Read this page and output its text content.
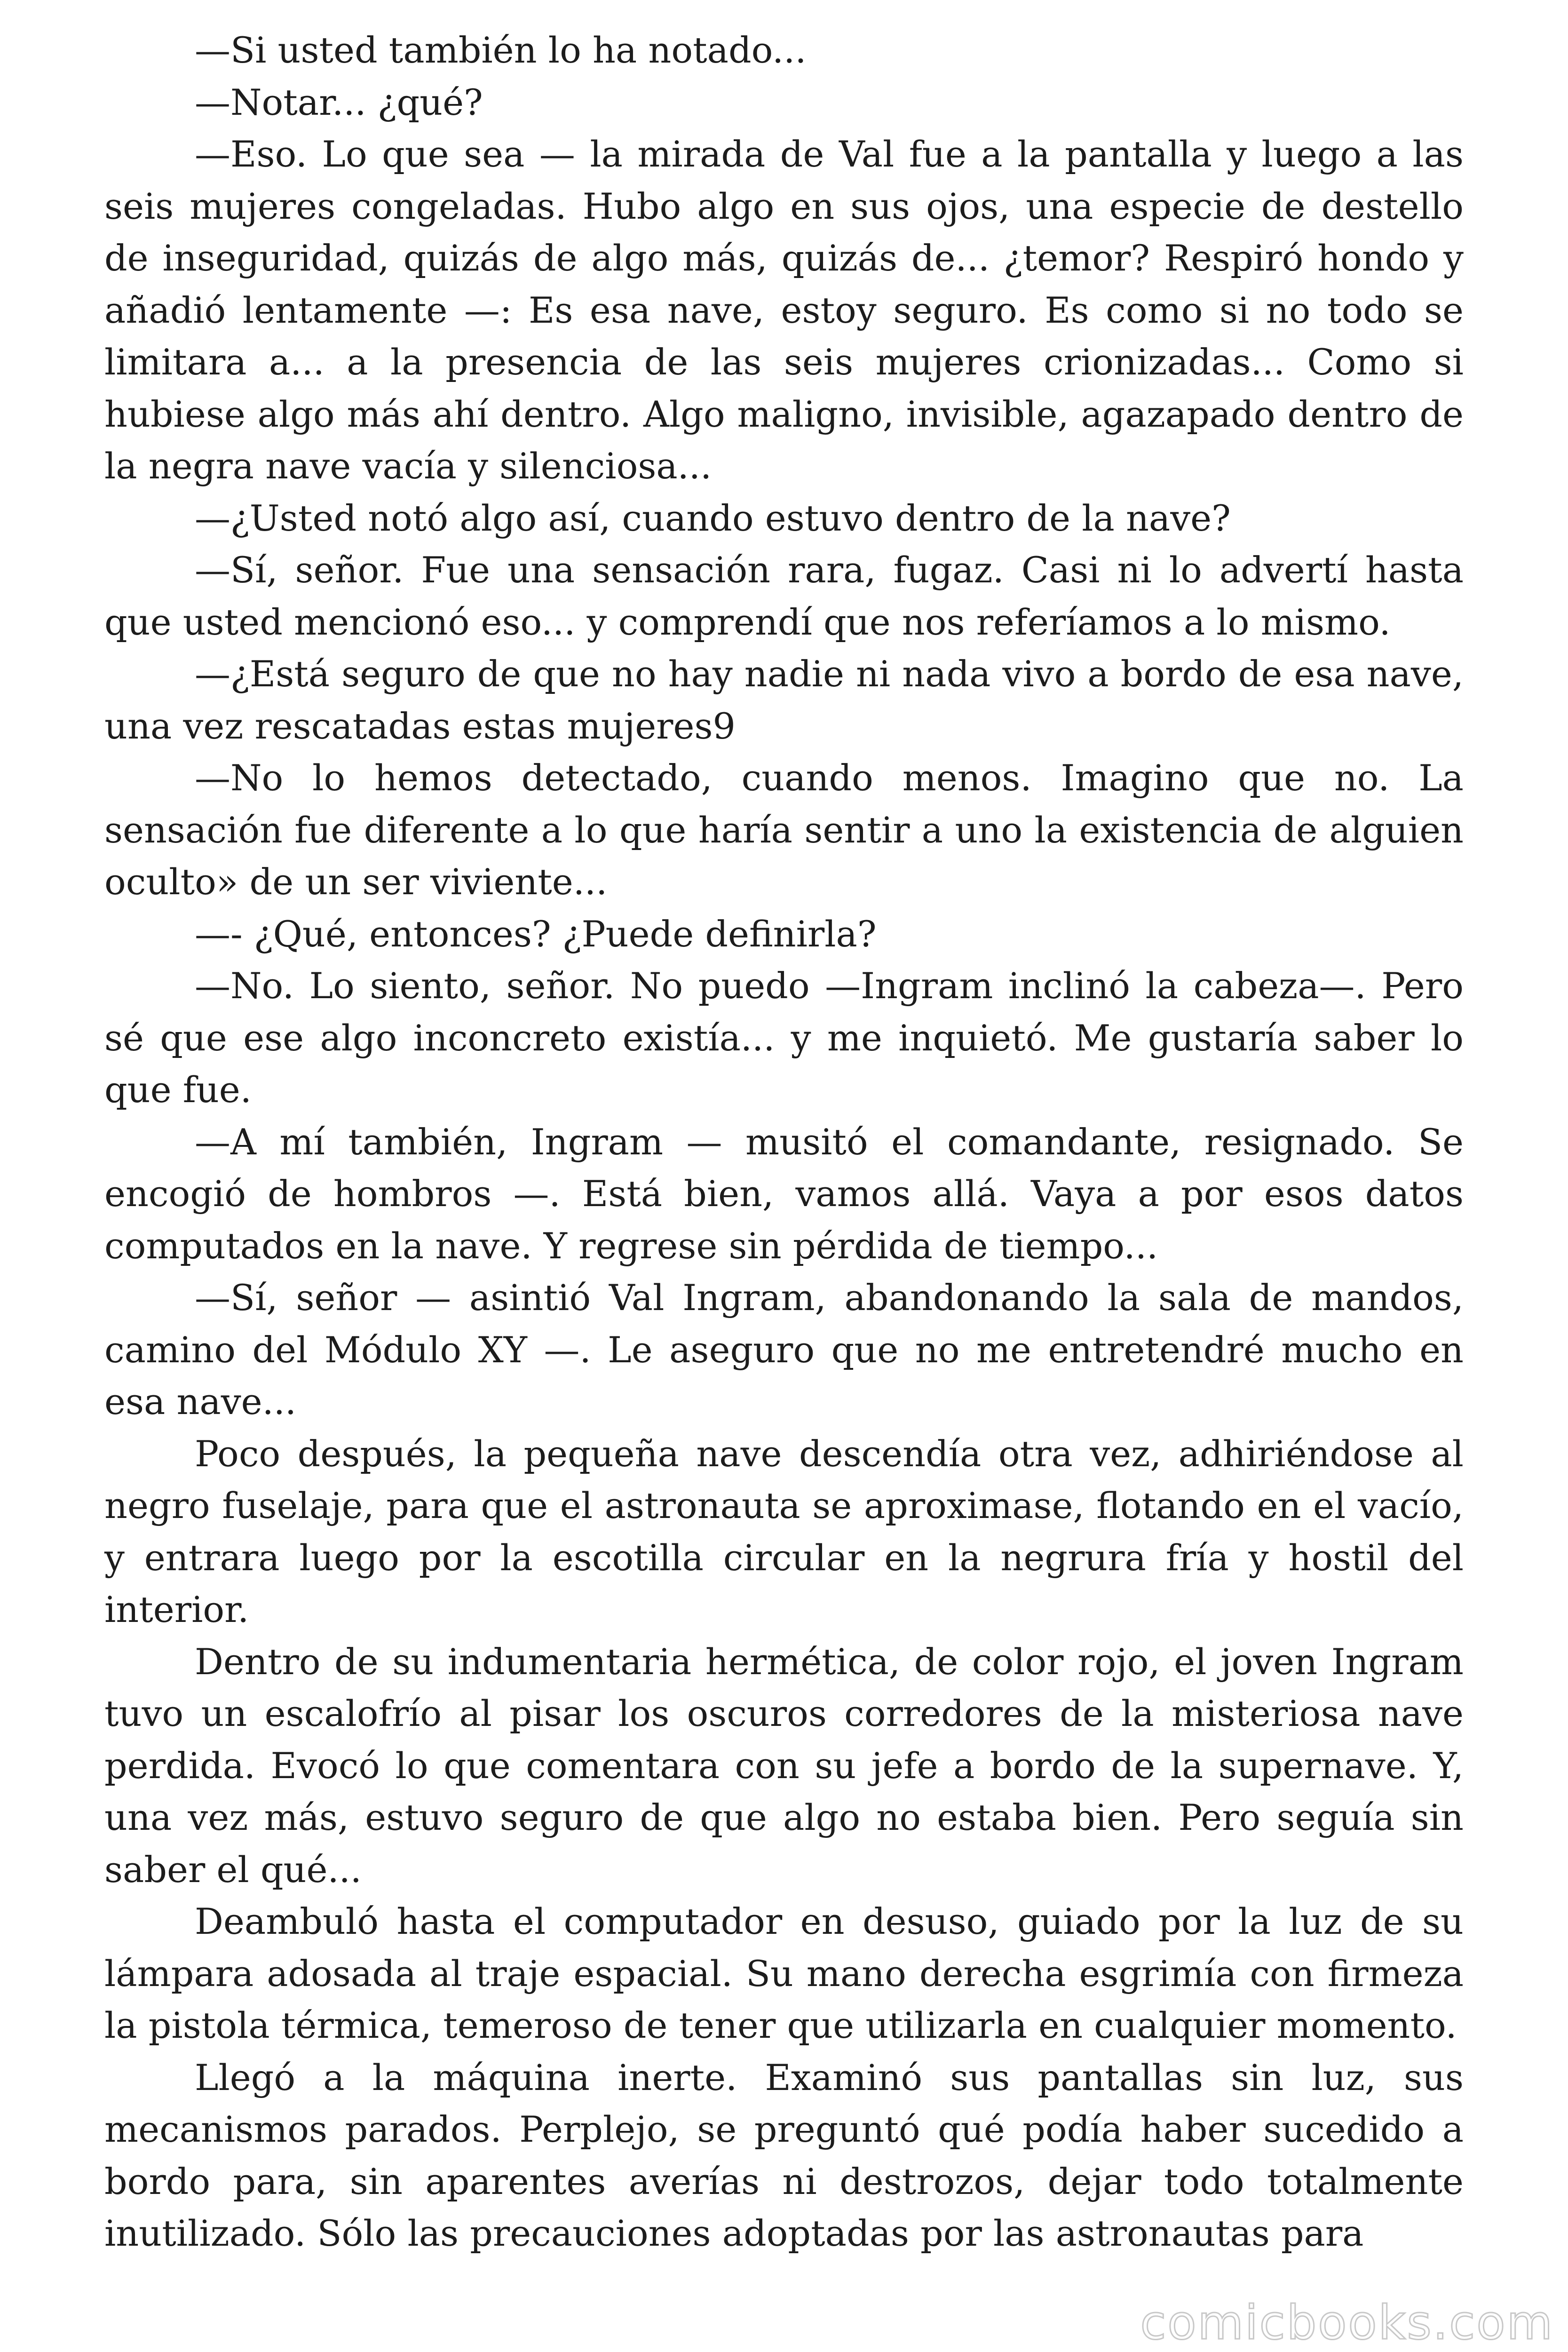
—Si usted también lo ha notado...

—Notar... ¿qué?

—Eso. Lo que sea — la mirada de Val fue a la pantalla y luego a las seis mujeres congeladas. Hubo algo en sus ojos, una especie de destello de inseguridad, quizás de algo más, quizás de... ¿temor? Respiró hondo y añadió lentamente —: Es esa nave, estoy seguro. Es como si no todo se limitara a... a la presencia de las seis mujeres crionizadas... Como si hubiese algo más ahí dentro. Algo maligno, invisible, agazapado dentro de la negra nave vacía y silenciosa...

—¿Usted notó algo así, cuando estuvo dentro de la nave?

—Sí, señor. Fue una sensación rara, fugaz. Casi ni lo advertí hasta que usted mencionó eso... y comprendí que nos referíamos a lo mismo.

—¿Está seguro de que no hay nadie ni nada vivo a bordo de esa nave, una vez rescatadas estas mujeres9

—No lo hemos detectado, cuando menos. Imagino que no. La sensación fue diferente a lo que haría sentir a uno la existencia de alguien oculto» de un ser viviente...

—- ¿Qué, entonces? ¿Puede definirla?

—No. Lo siento, señor. No puedo —Ingram inclinó la cabeza—. Pero sé que ese algo inconcreto existía... y me inquietó. Me gustaría saber lo que fue.

—A mí también, Ingram — musitó el comandante, resignado. Se encogió de hombros —. Está bien, vamos allá. Vaya a por esos datos computados en la nave. Y regrese sin pérdida de tiempo...

—Sí, señor — asintió Val Ingram, abandonando la sala de mandos, camino del Módulo XY —. Le aseguro que no me entretendré mucho en esa nave...

Poco después, la pequeña nave descendía otra vez, adhiriéndose al negro fuselaje, para que el astronauta se aproximase, flotando en el vacío, y entrara luego por la escotilla circular en la negrura fría y hostil del interior.

Dentro de su indumentaria hermética, de color rojo, el joven Ingram tuvo un escalofrío al pisar los oscuros corredores de la misteriosa nave perdida. Evocó lo que comentara con su jefe a bordo de la supernave. Y, una vez más, estuvo seguro de que algo no estaba bien. Pero seguía sin saber el qué...

Deambuló hasta el computador en desuso, guiado por la luz de su lámpara adosada al traje espacial. Su mano derecha esgrimía con firmeza la pistola térmica, temeroso de tener que utilizarla en cualquier momento.

Llegó a la máquina inerte. Examinó sus pantallas sin luz, sus mecanismos parados. Perplejo, se preguntó qué podía haber sucedido a bordo para, sin aparentes averías ni destrozos, dejar todo totalmente inutilizado. Sólo las precauciones adoptadas por las astronautas para

comicbooks.com
